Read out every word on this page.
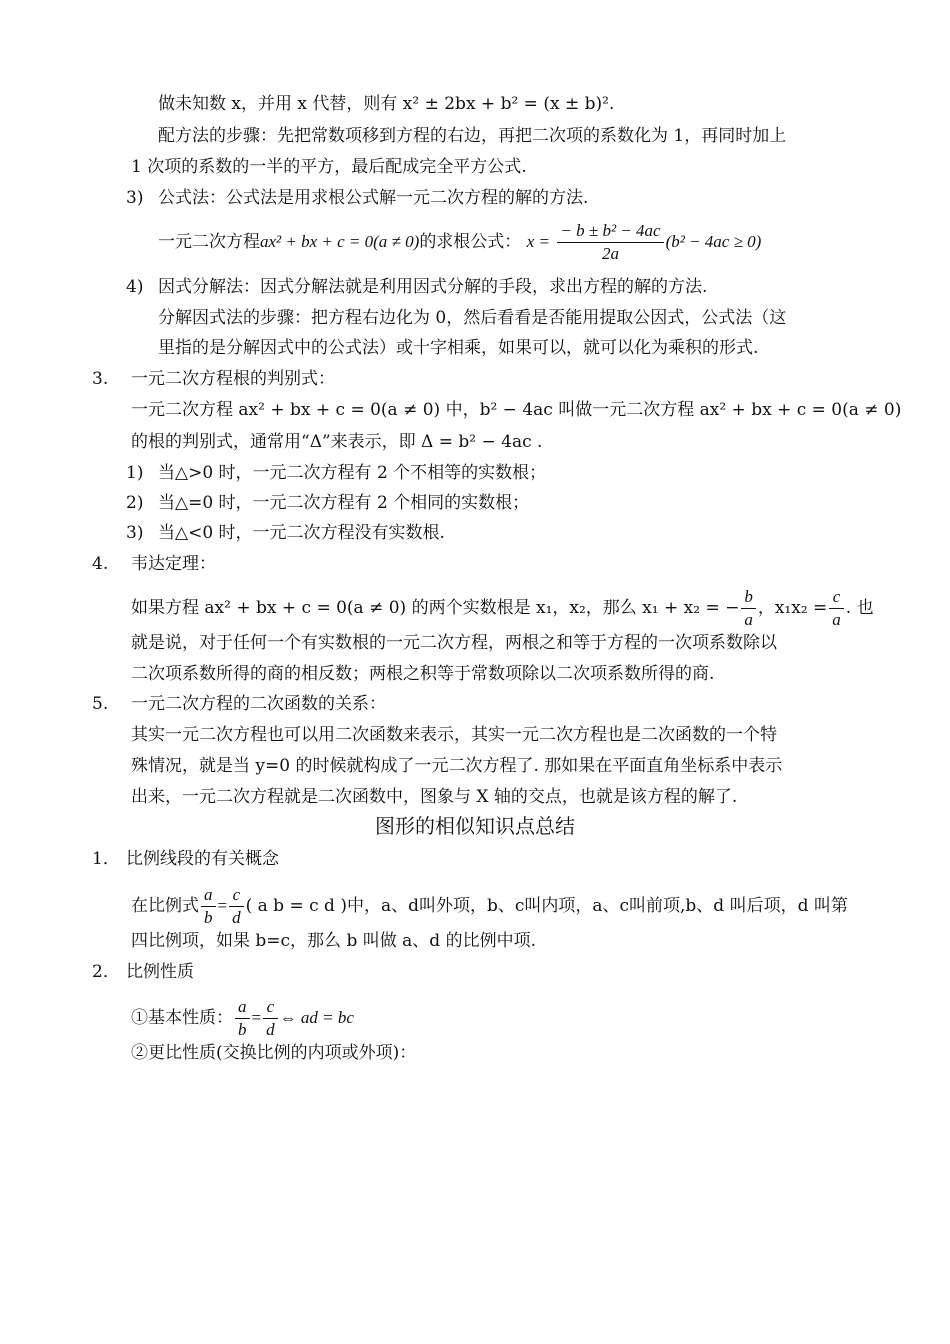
做未知数 x，并用 x 代替，则有 x² ± 2bx + b² = (x ± b)².
配方法的步骤：先把常数项移到方程的右边，再把二次项的系数化为 1，再同时加上
1 次项的系数的一半的平方，最后配成完全平方公式.
3) 公式法：公式法是用求根公式解一元二次方程的解的方法.
一元二次方程ax² + bx + c = 0(a ≠ 0)的求根公式： $x = \frac{\text{− b ± b² − 4ac}}{2a} (b^2 - 4ac \ge 0)$
4) 因式分解法：因式分解法就是利用因式分解的手段，求出方程的解的方法.
分解因式法的步骤：把方程右边化为 0，然后看看是否能用提取公因式，公式法（这
里指的是分解因式中的公式法）或十字相乘，如果可以，就可以化为乘积的形式.
3. 一元二次方程根的判别式：
一元二次方程 ax² + bx + c = 0(a ≠ 0) 中，b² − 4ac 叫做一元二次方程 ax² + bx + c = 0(a ≠ 0)
的根的判别式，通常用“Δ”来表示，即 Δ = b² − 4ac .
1) 当△>0 时，一元二次方程有 2 个不相等的实数根；
2) 当△=0 时，一元二次方程有 2 个相同的实数根；
3) 当△<0 时，一元二次方程没有实数根.
4. 韦达定理：
如果方程 ax² + bx + c = 0(a ≠ 0) 的两个实数根是 x₁，x₂，那么 x₁ + x₂ = − $\frac{b}{a}$ ，$x_1x_2 = \frac{c}{a}$ . 也
就是说，对于任何一个有实数根的一元二次方程，两根之和等于方程的一次项系数除以
二次项系数所得的商的相反数；两根之积等于常数项除以二次项系数所得的商.
5. 一元二次方程的二次函数的关系：
其实一元二次方程也可以用二次函数来表示，其实一元二次方程也是二次函数的一个特
殊情况，就是当 y=0 的时候就构成了一元二次方程了. 那如果在平面直角坐标系中表示
出来，一元二次方程就是二次函数中，图象与 X 轴的交点，也就是该方程的解了.
图形的相似知识点总结
1． 比例线段的有关概念
在比例式 $\frac{a}{b} = \frac{c}{d}$ ( a b = c d )中，a、d叫外项，b、c叫内项，a、c叫前项,b、d 叫后项，d 叫第
四比例项，如果 b=c，那么 b 叫做 a、d 的比例中项.
2． 比例性质
①基本性质： $\frac{a}{b} = \frac{c}{d}$ ⇔ ad = bc
②更比性质(交换比例的内项或外项)：
